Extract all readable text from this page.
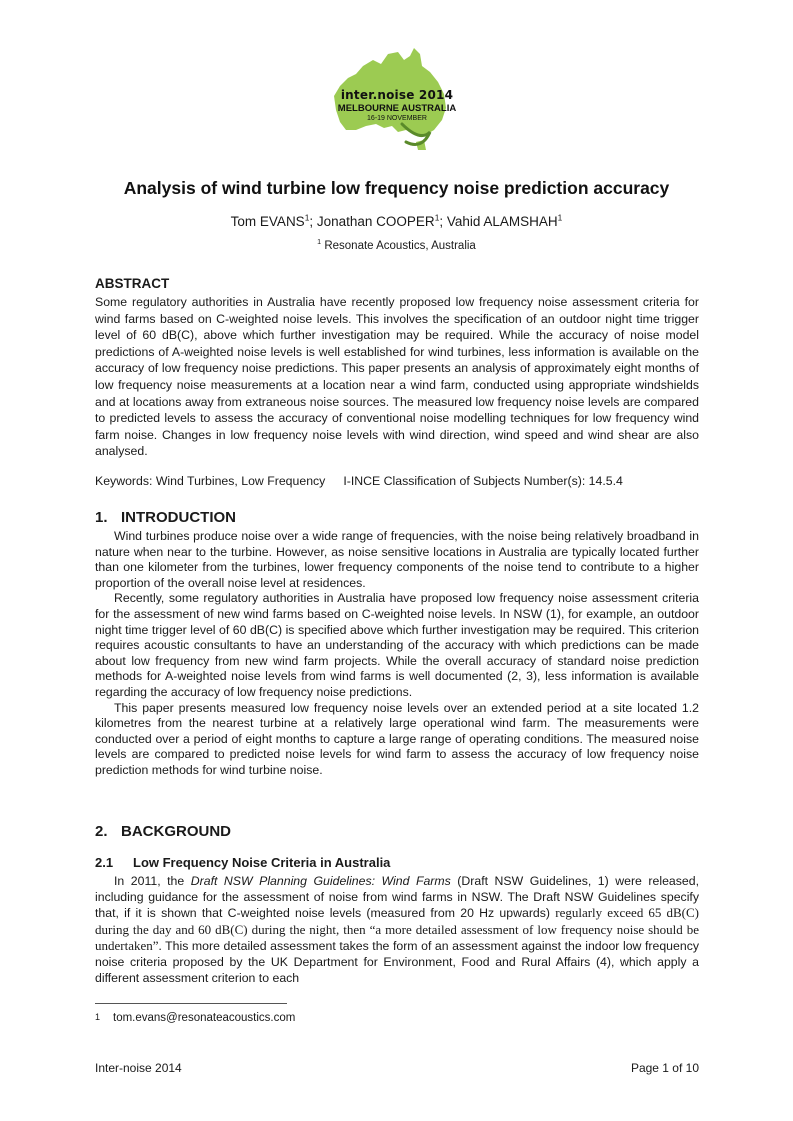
inter.noise 2014
MELBOURNE AUSTRALIA
16-19 NOVEMBER
Analysis of wind turbine low frequency noise prediction accuracy
Tom EVANS$^1$; Jonathan COOPER$^1$; Vahid ALAMSHAH$^1$
$^1$ Resonate Acoustics, Australia
ABSTRACT

Some regulatory authorities in Australia have recently proposed low frequency noise assessment criteria for wind farms based on C-weighted noise levels. This involves the specification of an outdoor night time trigger level of 60 dB(C), above which further investigation may be required. While the accuracy of noise model predictions of A-weighted noise levels is well established for wind turbines, less information is available on the accuracy of low frequency noise predictions. This paper presents an analysis of approximately eight months of low frequency noise measurements at a location near a wind farm, conducted using appropriate windshields and at locations away from extraneous noise sources. The measured low frequency noise levels are compared to predicted levels to assess the accuracy of conventional noise modelling techniques for low frequency wind farm noise. Changes in low frequency noise levels with wind direction, wind speed and wind shear are also analysed.

Keywords: Wind Turbines, Low Frequency I-INCE Classification of Subjects Number(s): 14.5.4
1. INTRODUCTION

Wind turbines produce noise over a wide range of frequencies, with the noise being relatively broadband in nature when near to the turbine. However, as noise sensitive locations in Australia are typically located further than one kilometer from the turbines, lower frequency components of the noise tend to contribute to a higher proportion of the overall noise level at residences.

Recently, some regulatory authorities in Australia have proposed low frequency noise assessment criteria for the assessment of new wind farms based on C-weighted noise levels. In NSW (1), for example, an outdoor night time trigger level of 60 dB(C) is specified above which further investigation may be required. This criterion requires acoustic consultants to have an understanding of the accuracy with which predictions can be made about low frequency from new wind farm projects. While the overall accuracy of standard noise prediction methods for A-weighted noise levels from wind farms is well documented (2, 3), less information is available regarding the accuracy of low frequency noise predictions.

This paper presents measured low frequency noise levels over an extended period at a site located 1.2 kilometres from the nearest turbine at a relatively large operational wind farm. The measurements were conducted over a period of eight months to capture a large range of operating conditions. The measured noise levels are compared to predicted noise levels for wind farm to assess the accuracy of low frequency noise prediction methods for wind turbine noise.

2. BACKGROUND
2.1 Low Frequency Noise Criteria in Australia

In 2011, the Draft NSW Planning Guidelines: Wind Farms (Draft NSW Guidelines, 1) were released, including guidance for the assessment of noise from wind farms in NSW. The Draft NSW Guidelines specify that, if it is shown that C-weighted noise levels (measured from 20 Hz upwards) regularly exceed 65 dB(C) during the day and 60 dB(C) during the night, then “a more detailed assessment of low frequency noise should be undertaken”. This more detailed assessment takes the form of an assessment against the indoor low frequency noise criteria proposed by the UK Department for Environment, Food and Rural Affairs (4), which apply a different assessment criterion to each

1 tom.evans@resonateacoustics.com
Inter-noise 2014	Page 1 of 10
